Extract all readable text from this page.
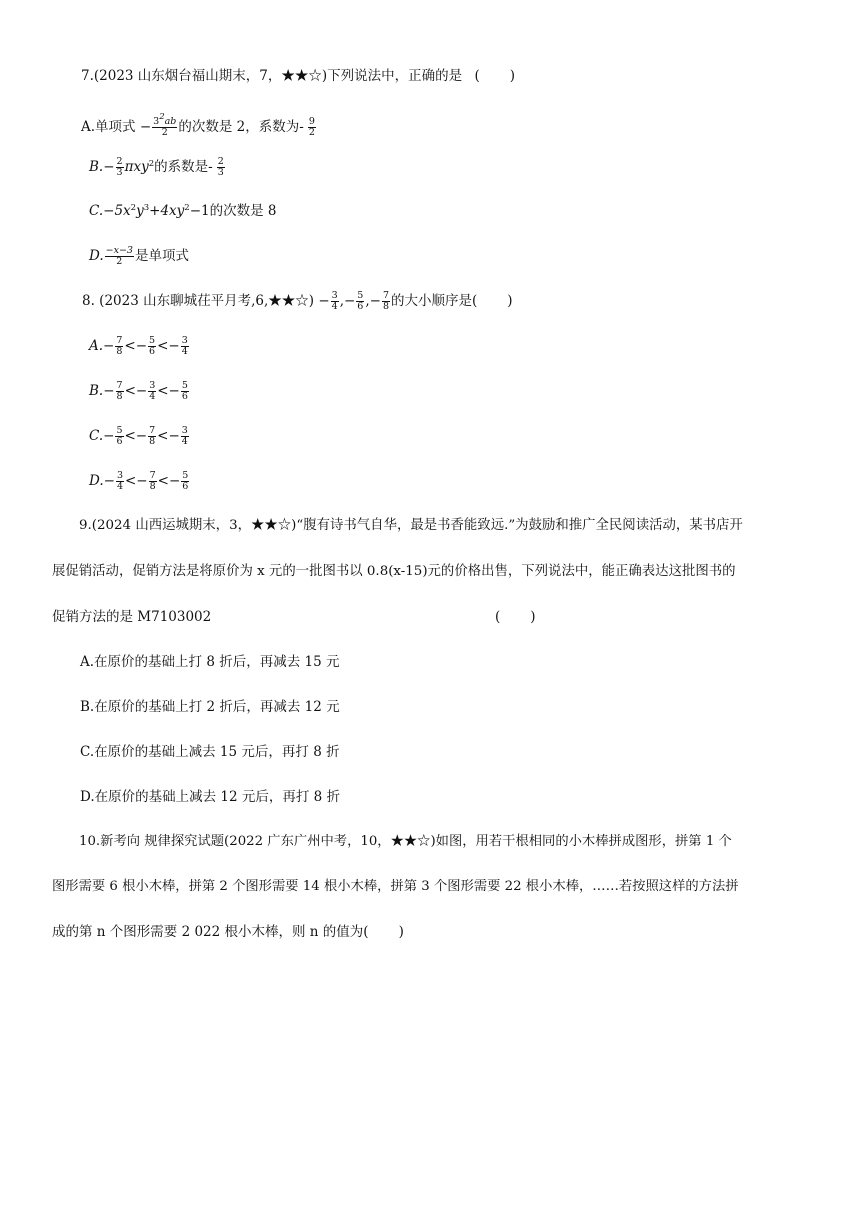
7.(2023 山东烟台福山期末，7，★★☆)下列说法中，正确的是 (       )
A.单项式 − $\frac{3^2ab}{2}$ 的次数是 2，系数为- $\frac{9}{2}$
$B.- \frac{2}{3} \pi xy^2$的系数是- $\frac{2}{3}$
$C.-5x^2y^3+4xy^2-1$的次数是 8
D. $\frac{-x-3}{2}$ 是单项式
8. (2023 山东聊城茌平月考,6,★★☆) − $\frac{3}{4}$ ,− $\frac{5}{6}$ ,− $\frac{7}{8}$ 的大小顺序是(       )
$A.- \frac{7}{8} <- \frac{5}{6} <- \frac{3}{4}$
$B.- \frac{7}{8} <- \frac{3}{4} <- \frac{5}{6}$
$C.- \frac{5}{6} <- \frac{7}{8} <- \frac{3}{4}$
$D.- \frac{3}{4} <- \frac{7}{8} <- \frac{5}{6}$
9.(2024 山西运城期末，3，★★☆)“腹有诗书气自华，最是书香能致远.”为鼓励和推广全民阅读活动，某书店开
展促销活动，促销方法是将原价为 x 元的一批图书以 0.8(x-15)元的价格出售，下列说法中，能正确表达这批图书的
促销方法的是 M7103002	(       )
A.在原价的基础上打 8 折后，再减去 15 元
B.在原价的基础上打 2 折后，再减去 12 元
C.在原价的基础上减去 15 元后，再打 8 折
D.在原价的基础上减去 12 元后，再打 8 折
10.新考向 规律探究试题(2022 广东广州中考，10，★★☆)如图，用若干根相同的小木棒拼成图形，拼第 1 个
图形需要 6 根小木棒，拼第 2 个图形需要 14 根小木棒，拼第 3 个图形需要 22 根小木棒，……若按照这样的方法拼
成的第 n 个图形需要 2 022 根小木棒，则 n 的值为(       )
